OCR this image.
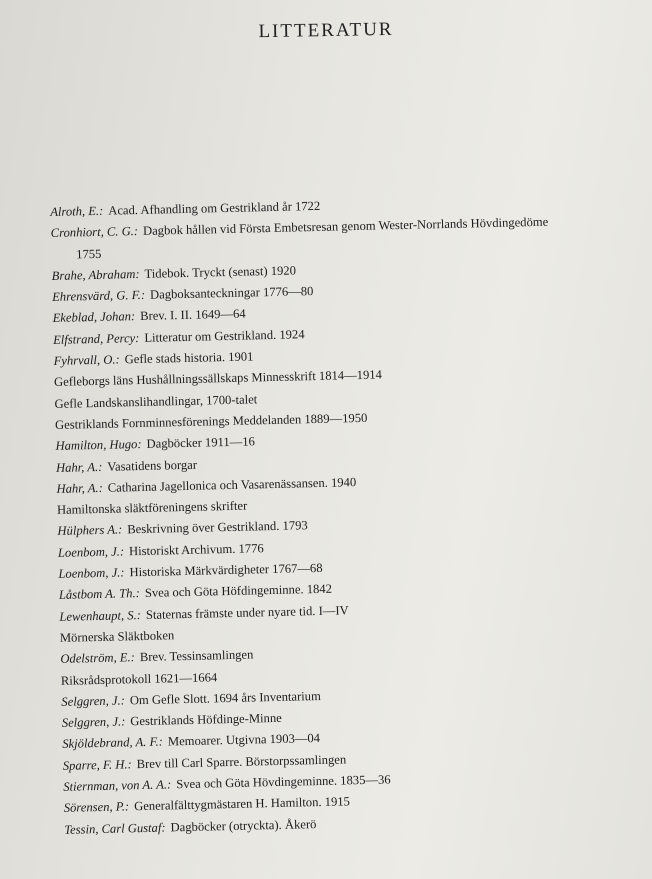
LITTERATUR
Alroth, E.: Acad. Afhandling om Gestrikland år 1722
Cronhiort, C. G.: Dagbok hållen vid Första Embetsresan genom Wester-Norrlands Hövdingedöme
1755
Brahe, Abraham: Tidebok. Tryckt (senast) 1920
Ehrensvärd, G. F.: Dagboksanteckningar 1776—80
Ekeblad, Johan: Brev. I. II. 1649—64
Elfstrand, Percy: Litteratur om Gestrikland. 1924
Fyhrvall, O.: Gefle stads historia. 1901
Gefleborgs läns Hushållningssällskaps Minnesskrift 1814—1914
Gefle Landskanslihandlingar, 1700-talet
Gestriklands Fornminnesförenings Meddelanden 1889—1950
Hamilton, Hugo: Dagböcker 1911—16
Hahr, A.: Vasatidens borgar
Hahr, A.: Catharina Jagellonica och Vasarenässansen. 1940
Hamiltonska släktföreningens skrifter
Hülphers A.: Beskrivning över Gestrikland. 1793
Loenbom, J.: Historiskt Archivum. 1776
Loenbom, J.: Historiska Märkvärdigheter 1767—68
Låstbom A. Th.: Svea och Göta Höfdingeminne. 1842
Lewenhaupt, S.: Staternas främste under nyare tid. I—IV
Mörnerska Släktboken
Odelström, E.: Brev. Tessinsamlingen
Riksrådsprotokoll 1621—1664
Selggren, J.: Om Gefle Slott. 1694 års Inventarium
Selggren, J.: Gestriklands Höfdinge-Minne
Skjöldebrand, A. F.: Memoarer. Utgivna 1903—04
Sparre, F. H.: Brev till Carl Sparre. Börstorpssamlingen
Stiernman, von A. A.: Svea och Göta Hövdingeminne. 1835—36
Sörensen, P.: Generalfälttygmästaren H. Hamilton. 1915
Tessin, Carl Gustaf: Dagböcker (otryckta). Åkerö
